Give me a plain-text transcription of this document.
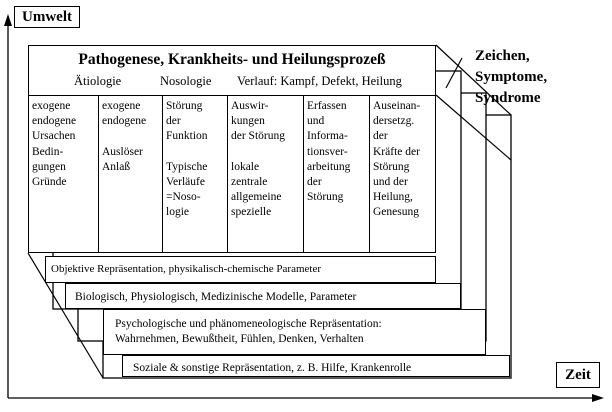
Umwelt
Zeit
Zeichen,
Symptome,
Syndrome

Soziale & sonstige Repräsentation, z. B. Hilfe, Krankenrolle

Psychologische und phänomeneologische Repräsentation:
Wahrnehmen, Bewußtheit, Fühlen, Denken, Verhalten

Biologisch, Physiologisch, Medizinische Modelle, Parameter

Objektive Repräsentation, physikalisch-chemische Parameter

Pathogenese, Krankheits- und Heilungsprozeß
Ätiologie	Nosologie Verlauf: Kampf, Defekt, Heilung
exogene
endogene
Ursachen
Bedin-
gungen
Gründe
exogene
endogene

Auslöser
Anlaß
Störung
der
Funktion

Typische
Verläufe
=Noso-
logie
Auswir-
kungen
der Störung

lokale
zentrale
allgemeine
spezielle
Erfassen
und
Informa-
tionsver-
arbeitung
der
Störung
Auseinan-
dersetzg.
der
Kräfte der
Störung
und der
Heilung,
Genesung
